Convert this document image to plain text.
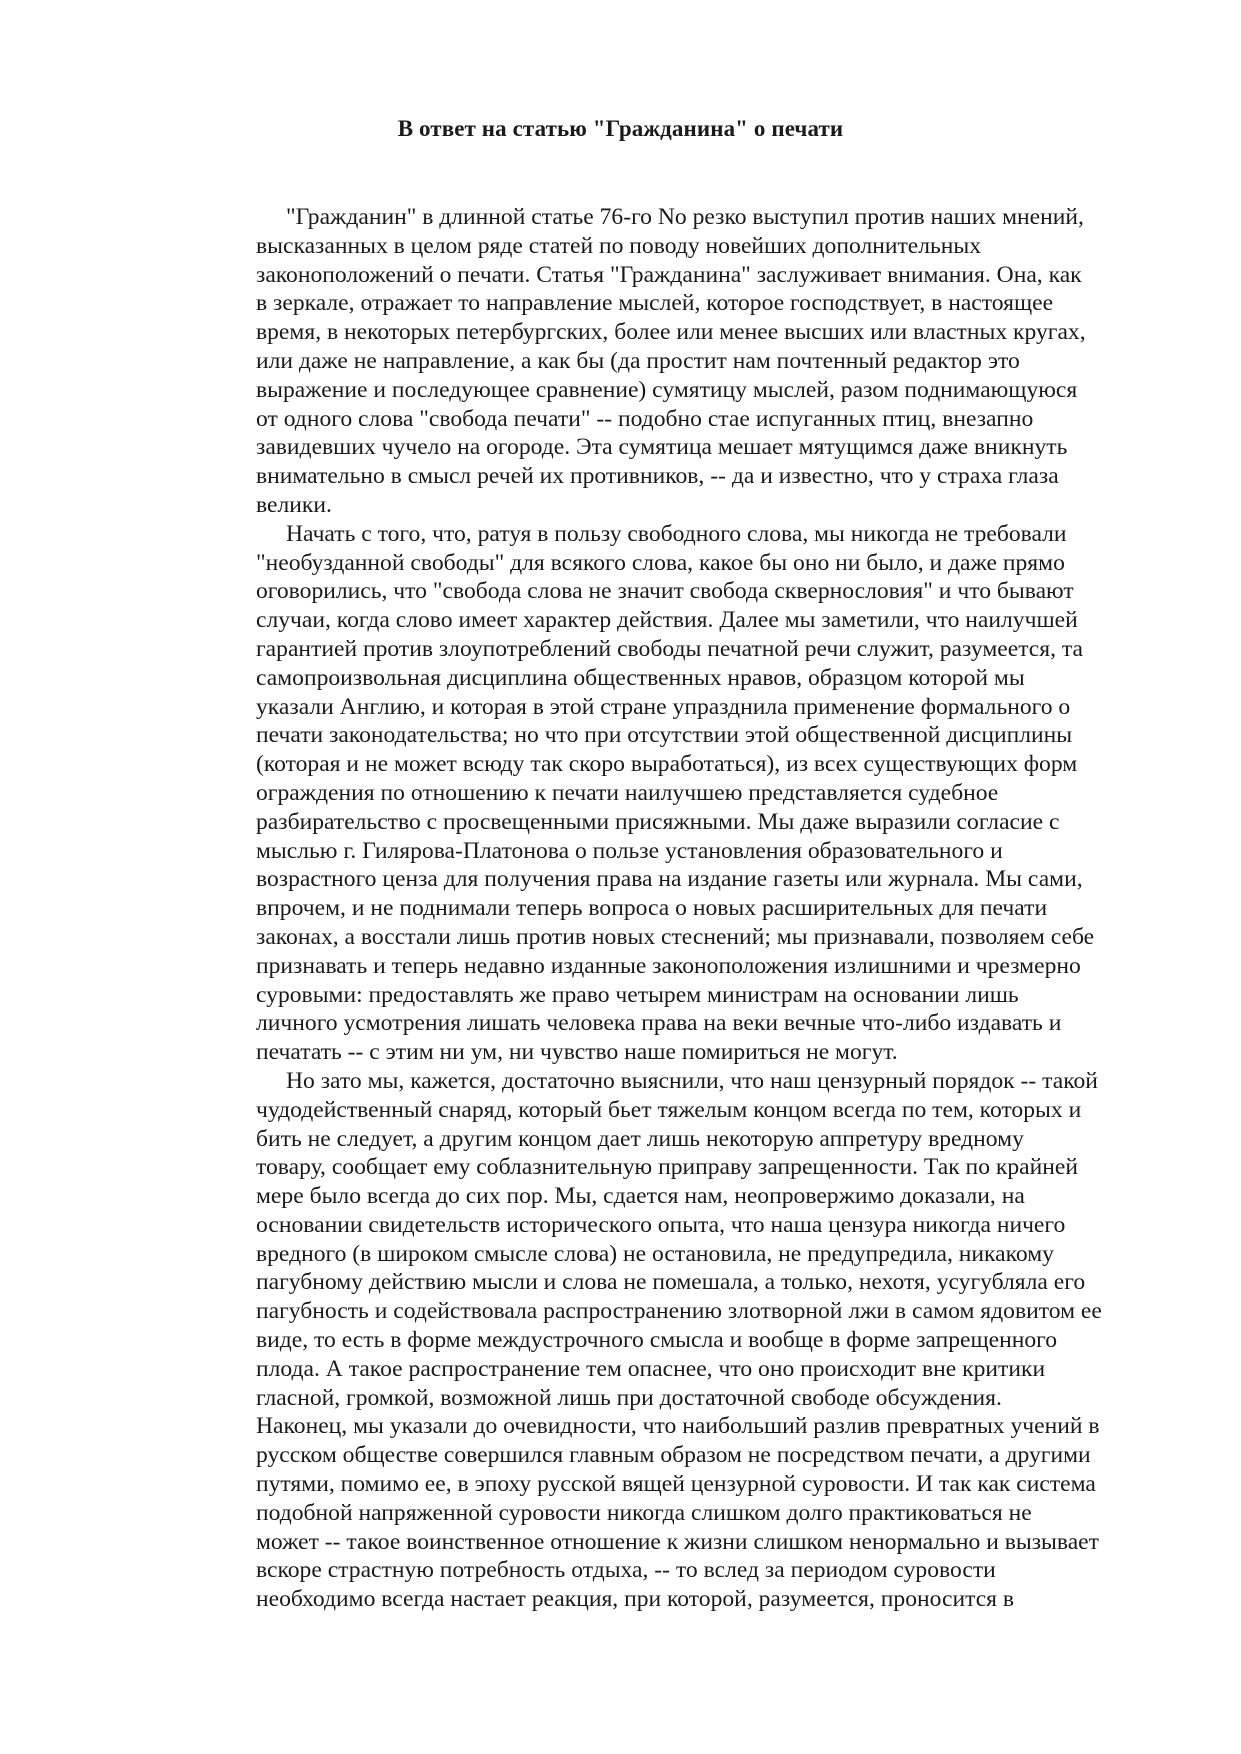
В ответ на статью "Гражданина" о печати
"Гражданин" в длинной статье 76-го No резко выступил против наших мнений,
высказанных в целом ряде статей по поводу новейших дополнительных
законоположений о печати. Статья "Гражданина" заслуживает внимания. Она, как
в зеркале, отражает то направление мыслей, которое господствует, в настоящее
время, в некоторых петербургских, более или менее высших или властных кругах,
или даже не направление, а как бы (да простит нам почтенный редактор это
выражение и последующее сравнение) сумятицу мыслей, разом поднимающуюся
от одного слова "свобода печати" -- подобно стае испуганных птиц, внезапно
завидевших чучело на огороде. Эта сумятица мешает мятущимся даже вникнуть
внимательно в смысл речей их противников, -- да и известно, что у страха глаза
велики.
Начать с того, что, ратуя в пользу свободного слова, мы никогда не требовали
"необузданной свободы" для всякого слова, какое бы оно ни было, и даже прямо
оговорились, что "свобода слова не значит свобода сквернословия" и что бывают
случаи, когда слово имеет характер действия. Далее мы заметили, что наилучшей
гарантией против злоупотреблений свободы печатной речи служит, разумеется, та
самопроизвольная дисциплина общественных нравов, образцом которой мы
указали Англию, и которая в этой стране упразднила применение формального о
печати законодательства; но что при отсутствии этой общественной дисциплины
(которая и не может всюду так скоро выработаться), из всех существующих форм
ограждения по отношению к печати наилучшею представляется судебное
разбирательство с просвещенными присяжными. Мы даже выразили согласие с
мыслью г. Гилярова-Платонова о пользе установления образовательного и
возрастного ценза для получения права на издание газеты или журнала. Мы сами,
впрочем, и не поднимали теперь вопроса о новых расширительных для печати
законах, а восстали лишь против новых стеснений; мы признавали, позволяем себе
признавать и теперь недавно изданные законоположения излишними и чрезмерно
суровыми: предоставлять же право четырем министрам на основании лишь
личного усмотрения лишать человека права на веки вечные что-либо издавать и
печатать -- с этим ни ум, ни чувство наше помириться не могут.
Но зато мы, кажется, достаточно выяснили, что наш цензурный порядок -- такой
чудодейственный снаряд, который бьет тяжелым концом всегда по тем, которых и
бить не следует, а другим концом дает лишь некоторую аппретуру вредному
товару, сообщает ему соблазнительную приправу запрещенности. Так по крайней
мере было всегда до сих пор. Мы, сдается нам, неопровержимо доказали, на
основании свидетельств исторического опыта, что наша цензура никогда ничего
вредного (в широком смысле слова) не остановила, не предупредила, никакому
пагубному действию мысли и слова не помешала, а только, нехотя, усугубляла его
пагубность и содействовала распространению злотворной лжи в самом ядовитом ее
виде, то есть в форме междустрочного смысла и вообще в форме запрещенного
плода. А такое распространение тем опаснее, что оно происходит вне критики
гласной, громкой, возможной лишь при достаточной свободе обсуждения.
Наконец, мы указали до очевидности, что наибольший разлив превратных учений в
русском обществе совершился главным образом не посредством печати, а другими
путями, помимо ее, в эпоху русской вящей цензурной суровости. И так как система
подобной напряженной суровости никогда слишком долго практиковаться не
может -- такое воинственное отношение к жизни слишком ненормально и вызывает
вскоре страстную потребность отдыха, -- то вслед за периодом суровости
необходимо всегда настает реакция, при которой, разумеется, проносится в
